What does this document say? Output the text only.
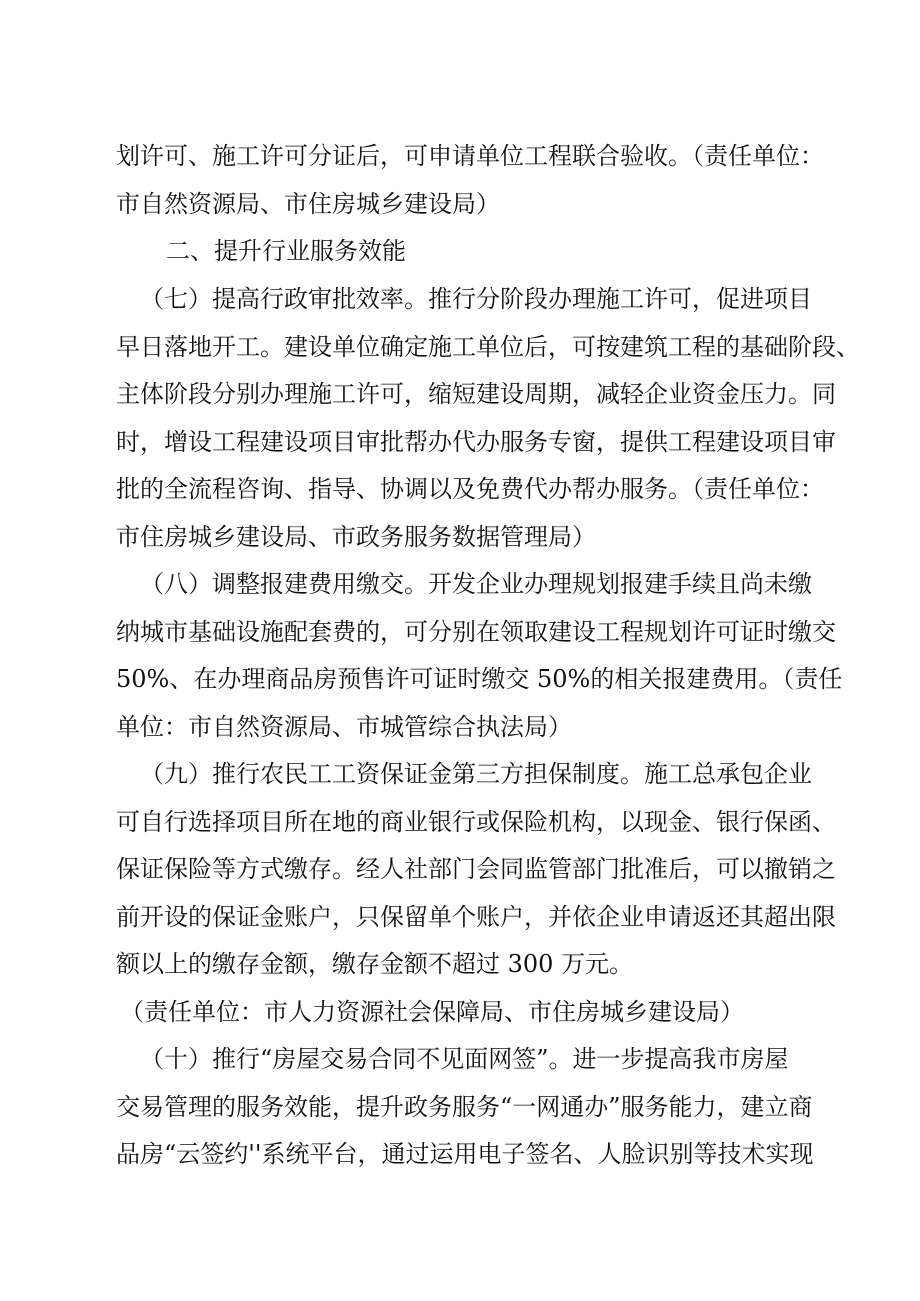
划许可、施工许可分证后，可申请单位工程联合验收。（责任单位：
市自然资源局、市住房城乡建设局）
二、提升行业服务效能
（七）提高行政审批效率。推行分阶段办理施工许可，促进项目
早日落地开工。建设单位确定施工单位后，可按建筑工程的基础阶段、
主体阶段分别办理施工许可，缩短建设周期，减轻企业资金压力。同
时，增设工程建设项目审批帮办代办服务专窗，提供工程建设项目审
批的全流程咨询、指导、协调以及免费代办帮办服务。（责任单位：
市住房城乡建设局、市政务服务数据管理局）
（八）调整报建费用缴交。开发企业办理规划报建手续且尚未缴
纳城市基础设施配套费的，可分别在领取建设工程规划许可证时缴交
50%、在办理商品房预售许可证时缴交 50%的相关报建费用。（责任
单位：市自然资源局、市城管综合执法局）
（九）推行农民工工资保证金第三方担保制度。施工总承包企业
可自行选择项目所在地的商业银行或保险机构，以现金、银行保函、
保证保险等方式缴存。经人社部门会同监管部门批准后，可以撤销之
前开设的保证金账户，只保留单个账户，并依企业申请返还其超出限
额以上的缴存金额，缴存金额不超过 300 万元。
（责任单位：市人力资源社会保障局、市住房城乡建设局）
（十）推行“房屋交易合同不见面网签”。进一步提高我市房屋
交易管理的服务效能，提升政务服务“一网通办”服务能力，建立商
品房“云签约''系统平台，通过运用电子签名、人脸识别等技术实现
